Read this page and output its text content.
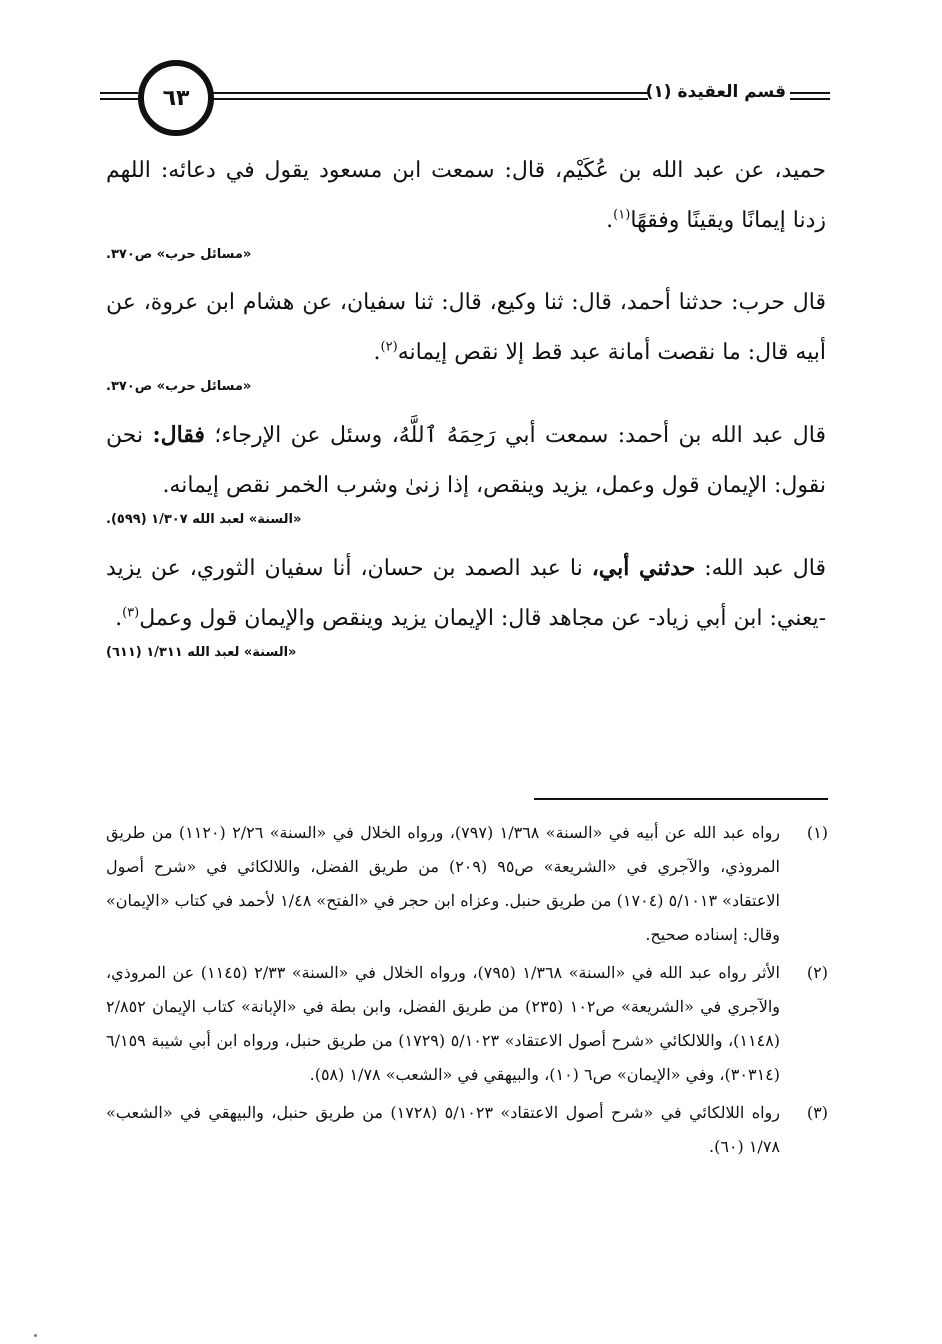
٦٣	قسم العقيدة (١)

حميد، عن عبد الله بن عُكَيْم، قال: سمعت ابن مسعود يقول في دعائه: اللهم زدنا إيمانًا ويقينًا وفقهًا$^{(١)}$.

«مسائل حرب» ص٣٧٠.

قال حرب: حدثنا أحمد، قال: ثنا وكيع، قال: ثنا سفيان، عن هشام ابن عروة، عن أبيه قال: ما نقصت أمانة عبد قط إلا نقص إيمانه$^{(٢)}$.

«مسائل حرب» ص٣٧٠.

قال عبد الله بن أحمد: سمعت أبي رَحِمَهُ ٱللَّهُ، وسئل عن الإرجاء؛ فقال: نحن نقول: الإيمان قول وعمل، يزيد وينقص، إذا زنىٰ وشرب الخمر نقص إيمانه.

«السنة» لعبد الله ١/٣٠٧ (٥٩٩).

قال عبد الله: حدثني أبي، نا عبد الصمد بن حسان، أنا سفيان الثوري، عن يزيد -يعني: ابن أبي زياد- عن مجاهد قال: الإيمان يزيد وينقص والإيمان قول وعمل$^{(٣)}$.

«السنة» لعبد الله ١/٣١١ (٦١١)

(١)
رواه عبد الله عن أبيه في «السنة» ١/٣٦٨ (٧٩٧)، ورواه الخلال في «السنة» ٢/٢٦ (١١٢٠) من طريق المروذي، والآجري في «الشريعة» ص٩٥ (٢٠٩) من طريق الفضل، واللالكائي في «شرح أصول الاعتقاد» ٥/١٠١٣ (١٧٠٤) من طريق حنبل. وعزاه ابن حجر في «الفتح» ١/٤٨ لأحمد في كتاب «الإيمان» وقال: إسناده صحيح.
(٢)
الأثر رواه عبد الله في «السنة» ١/٣٦٨ (٧٩٥)، ورواه الخلال في «السنة» ٢/٣٣ (١١٤٥) عن المروذي، والآجري في «الشريعة» ص١٠٢ (٢٣٥) من طريق الفضل، وابن بطة في «الإبانة» كتاب الإيمان ٢/٨٥٢ (١١٤٨)، واللالكائي «شرح أصول الاعتقاد» ٥/١٠٢٣ (١٧٢٩) من طريق حنبل، ورواه ابن أبي شيبة ٦/١٥٩ (٣٠٣١٤)، وفي «الإيمان» ص٦ (١٠)، والبيهقي في «الشعب» ١/٧٨ (٥٨).
(٣)
رواه اللالكائي في «شرح أصول الاعتقاد» ٥/١٠٢٣ (١٧٢٨) من طريق حنبل، والبيهقي في «الشعب» ١/٧٨ (٦٠).
